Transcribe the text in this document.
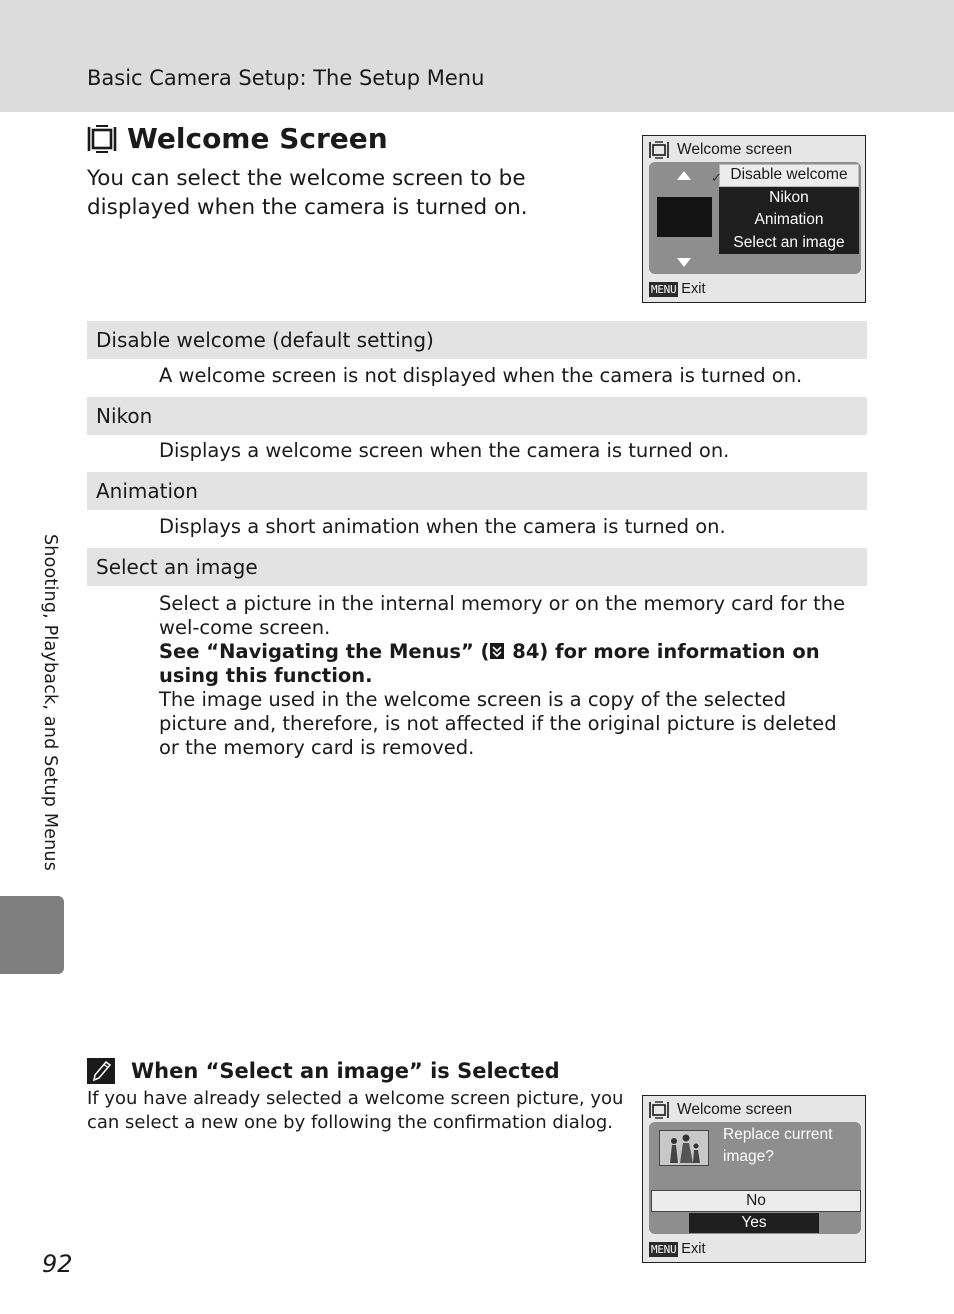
Basic Camera Setup: The Setup Menu
Welcome Screen
You can select the welcome screen to be displayed when the camera is turned on.
Welcome screen
✓ Disable welcome
Nikon
Animation
Select an image
MENU Exit
Disable welcome (default setting)
A welcome screen is not displayed when the camera is turned on.
Nikon
Displays a welcome screen when the camera is turned on.
Animation
Displays a short animation when the camera is turned on.
Select an image
Select a picture in the internal memory or on the memory card for the wel-come screen.
See “Navigating the Menus” ( 84) for more information on using this function.
The image used in the welcome screen is a copy of the selected picture and, therefore, is not affected if the original picture is deleted or the memory card is removed.
Shooting, Playback, and Setup Menus
When “Select an image” is Selected
If you have already selected a welcome screen picture, you can select a new one by following the confirmation dialog.
Welcome screen
Replace current image?
No
Yes
MENU Exit
92
